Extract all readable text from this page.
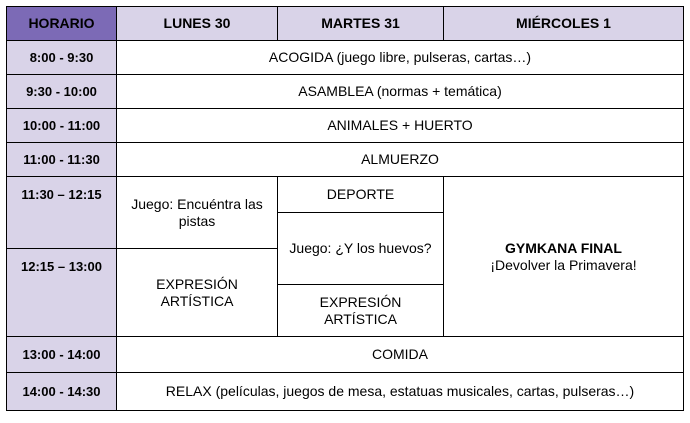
HORARIO	LUNES 30	MARTES 31	MIÉRCOLES 1
8:00 - 9:30	ACOGIDA (juego libre, pulseras, cartas…)		
9:30 - 10:00	ASAMBLEA (normas + temática)		
10:00 - 11:00	ANIMALES + HUERTO		
11:00 - 11:30	ALMUERZO		
11:30 – 12:15	Juego: Encuéntra las pistas	DEPORTE	GYMKANA FINAL
¡Devolver la Primavera!

		Juego: ¿Y los huevos?	
12:15 – 13:00	EXPRESIÓN ARTÍSTICA		
		EXPRESIÓN ARTÍSTICA	
13:00 - 14:00	COMIDA		
14:00 - 14:30	RELAX (películas, juegos de mesa, estatuas musicales, cartas, pulseras…)		
